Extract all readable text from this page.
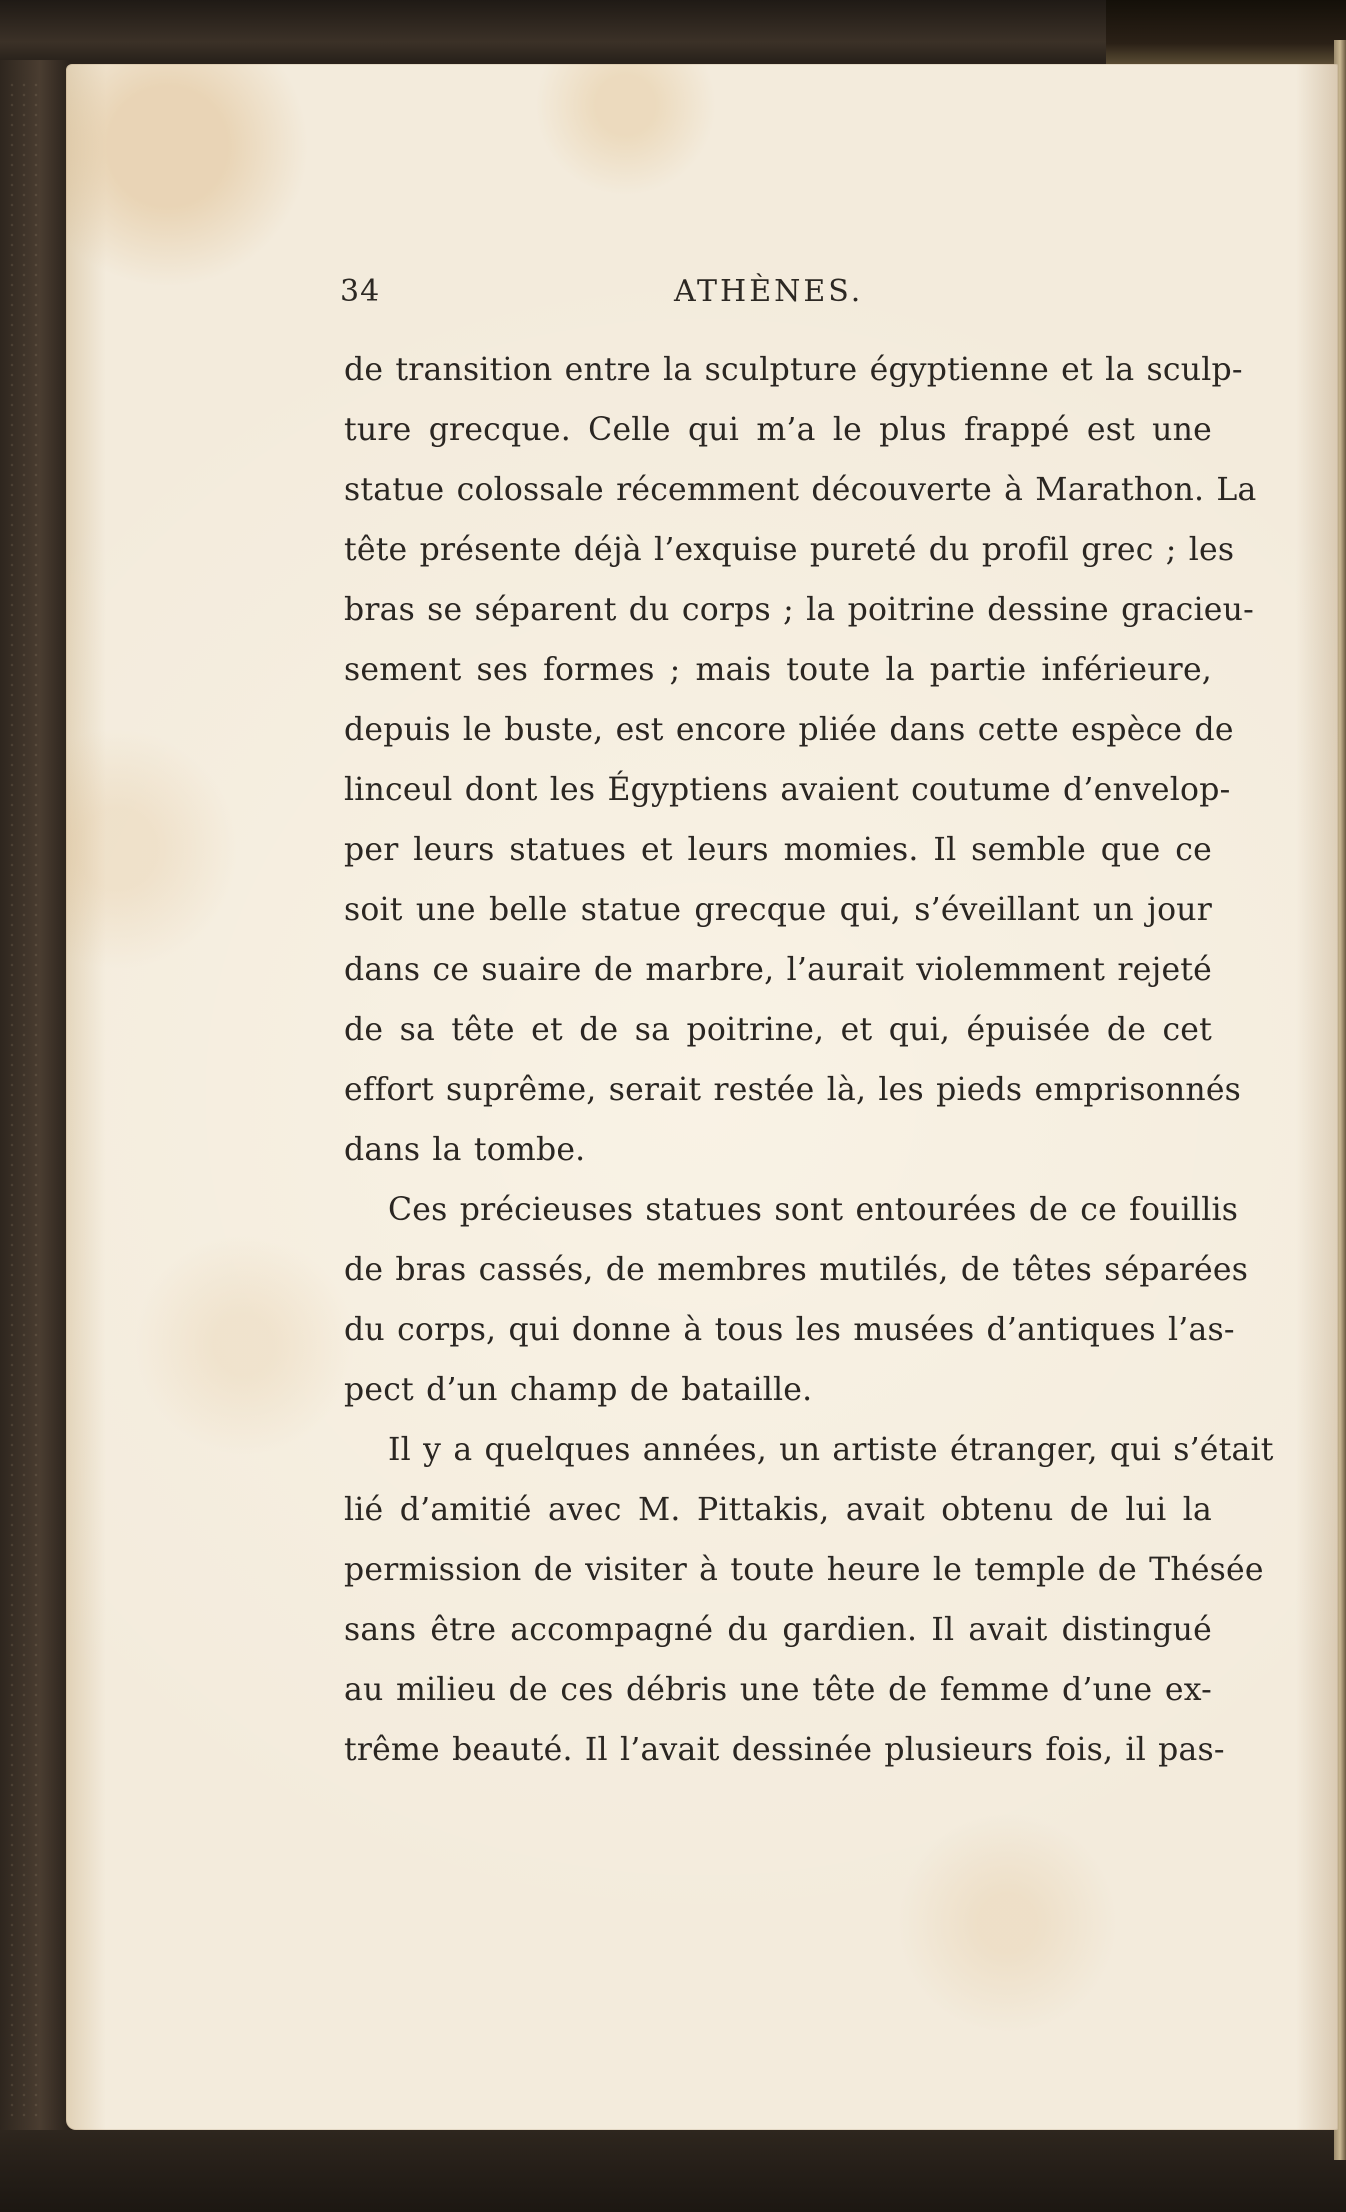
34	ATHÈNES.
de transition entre la sculpture égyptienne et la sculp-
ture grecque. Celle qui m’a le plus frappé est une
statue colossale récemment découverte à Marathon. La
tête présente déjà l’exquise pureté du profil grec ; les
bras se séparent du corps ; la poitrine dessine gracieu-
sement ses formes ; mais toute la partie inférieure,
depuis le buste, est encore pliée dans cette espèce de
linceul dont les Égyptiens avaient coutume d’envelop-
per leurs statues et leurs momies. Il semble que ce
soit une belle statue grecque qui, s’éveillant un jour
dans ce suaire de marbre, l’aurait violemment rejeté
de sa tête et de sa poitrine, et qui, épuisée de cet
effort suprême, serait restée là, les pieds emprisonnés
dans la tombe.
Ces précieuses statues sont entourées de ce fouillis
de bras cassés, de membres mutilés, de têtes séparées
du corps, qui donne à tous les musées d’antiques l’as-
pect d’un champ de bataille.
Il y a quelques années, un artiste étranger, qui s’était
lié d’amitié avec M. Pittakis, avait obtenu de lui la
permission de visiter à toute heure le temple de Thésée
sans être accompagné du gardien. Il avait distingué
au milieu de ces débris une tête de femme d’une ex-
trême beauté. Il l’avait dessinée plusieurs fois, il pas-
